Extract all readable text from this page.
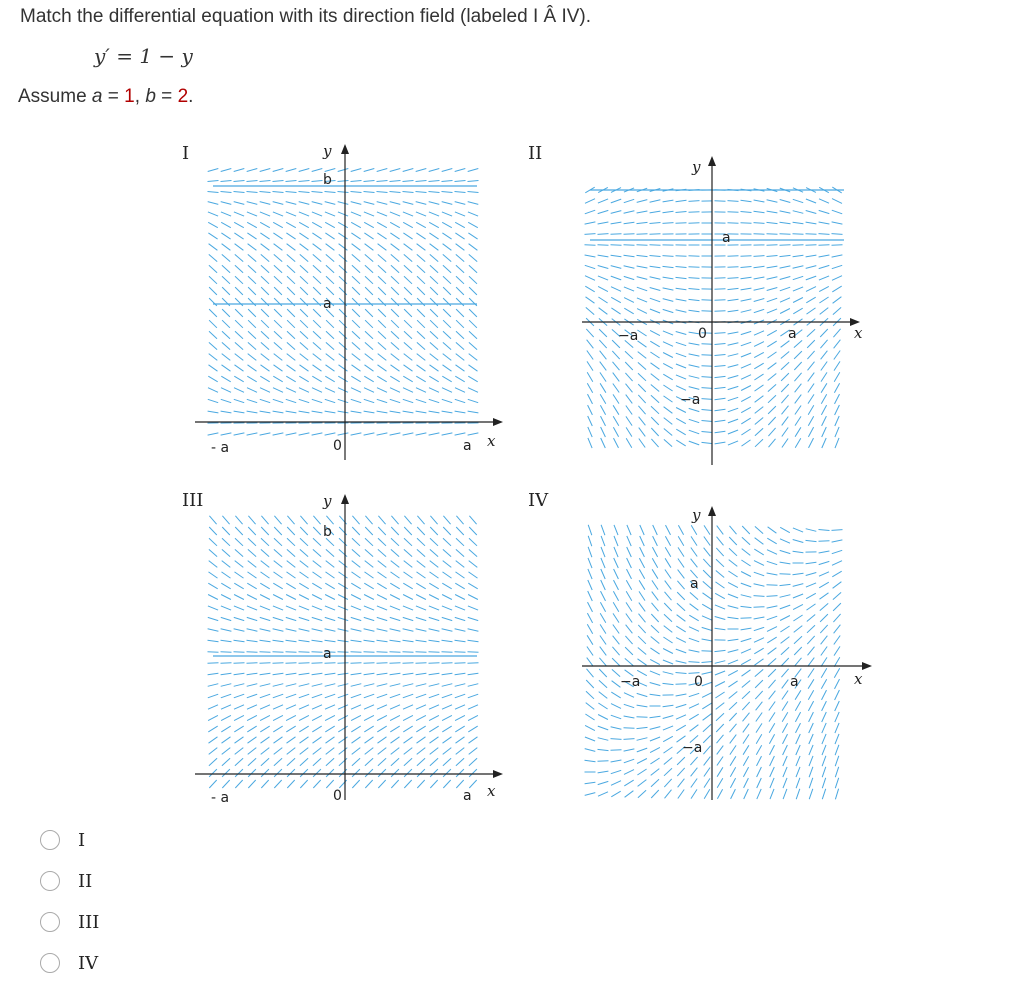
Match the differential equation with its direction field (labeled I Â IV).
y′ = 1 − y
Assume a = 1, b = 2.
I	II
III	IV
y
x
- a	0	a
b
a
y
x
−a	0	a
a
−a
y
x
- a	0	a
b
a
y
x
−a	0	a
a
−a
I
II
III
IV
